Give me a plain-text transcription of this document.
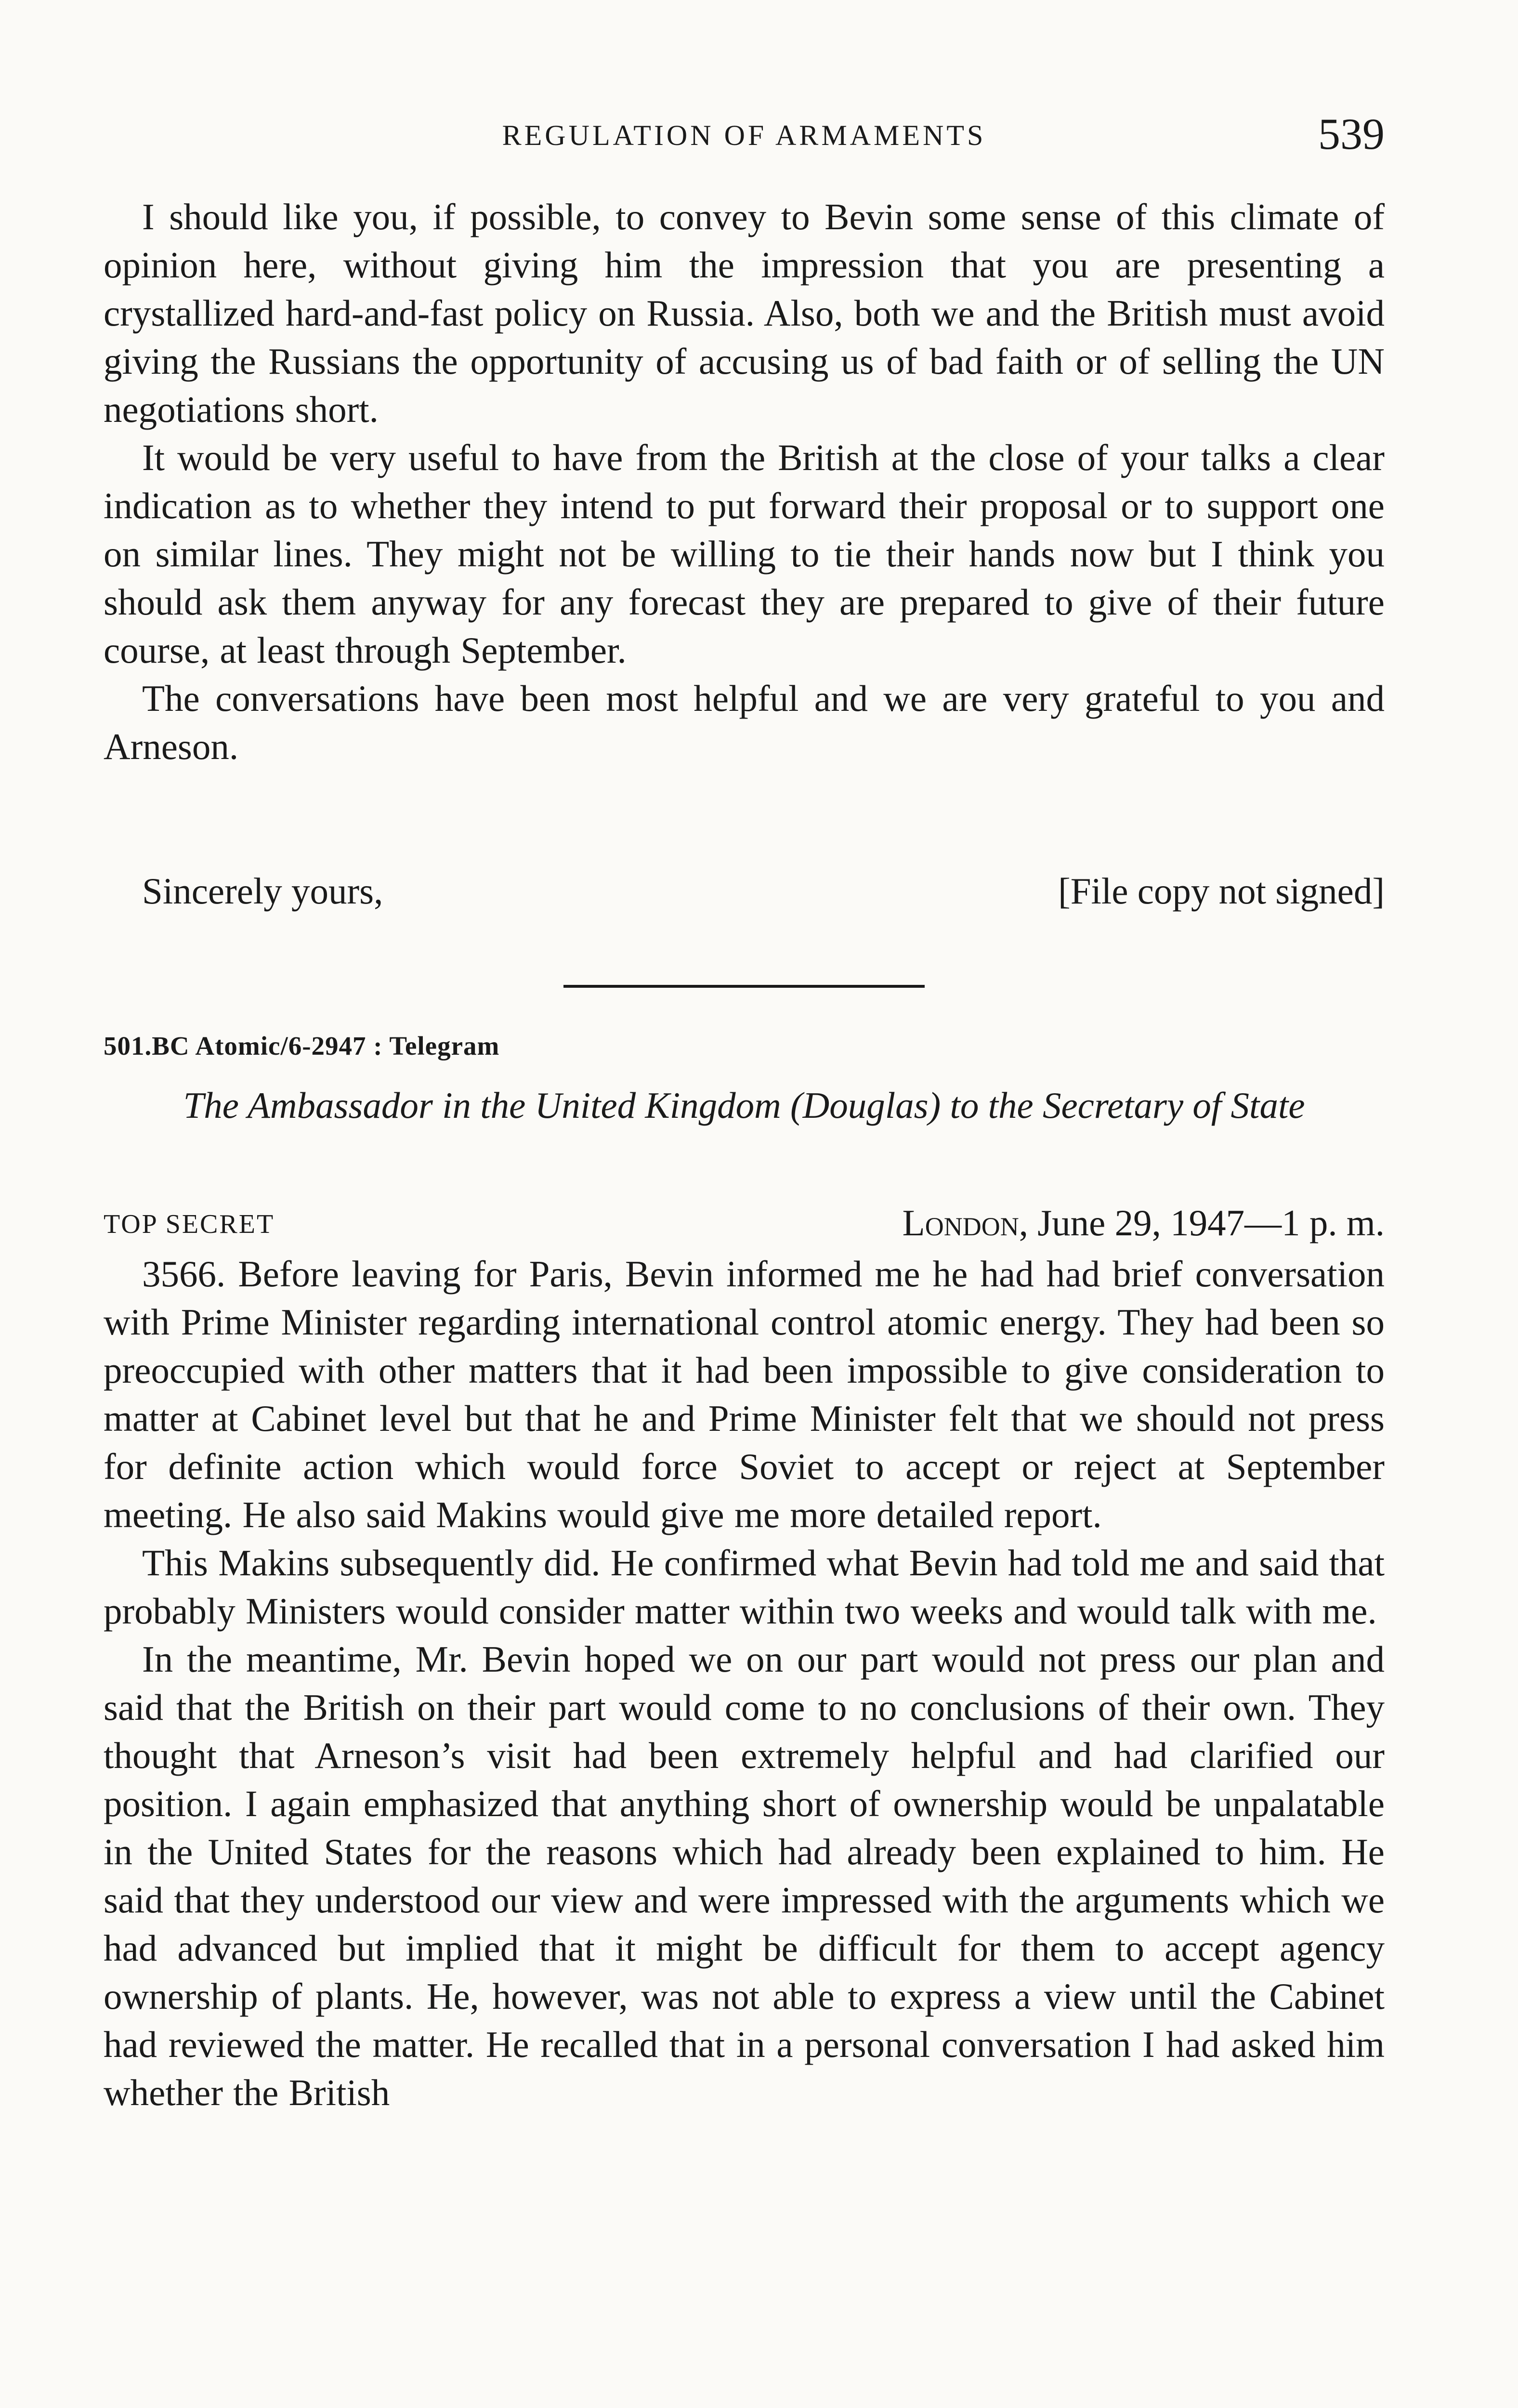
REGULATION OF ARMAMENTS	539

I should like you, if possible, to convey to Bevin some sense of this climate of opinion here, without giving him the impression that you are presenting a crystallized hard-and-fast policy on Russia. Also, both we and the British must avoid giving the Russians the opportunity of accusing us of bad faith or of selling the UN negotiations short.

It would be very useful to have from the British at the close of your talks a clear indication as to whether they intend to put forward their proposal or to support one on similar lines. They might not be willing to tie their hands now but I think you should ask them anyway for any forecast they are prepared to give of their future course, at least through September.

The conversations have been most helpful and we are very grateful to you and Arneson.

Sincerely yours,	[File copy not signed]
501.BC Atomic/6-2947 : Telegram
The Ambassador in the United Kingdom (Douglas) to the Secretary of State
TOP SECRET	London, June 29, 1947—1 p. m.

3566. Before leaving for Paris, Bevin informed me he had had brief conversation with Prime Minister regarding international control atomic energy. They had been so preoccupied with other matters that it had been impossible to give consideration to matter at Cabinet level but that he and Prime Minister felt that we should not press for definite action which would force Soviet to accept or reject at September meeting. He also said Makins would give me more detailed report.

This Makins subsequently did. He confirmed what Bevin had told me and said that probably Ministers would consider matter within two weeks and would talk with me.

In the meantime, Mr. Bevin hoped we on our part would not press our plan and said that the British on their part would come to no conclusions of their own. They thought that Arneson’s visit had been extremely helpful and had clarified our position. I again emphasized that anything short of ownership would be unpalatable in the United States for the reasons which had already been explained to him. He said that they understood our view and were impressed with the arguments which we had advanced but implied that it might be difficult for them to accept agency ownership of plants. He, however, was not able to express a view until the Cabinet had reviewed the matter. He recalled that in a personal conversation I had asked him whether the British
